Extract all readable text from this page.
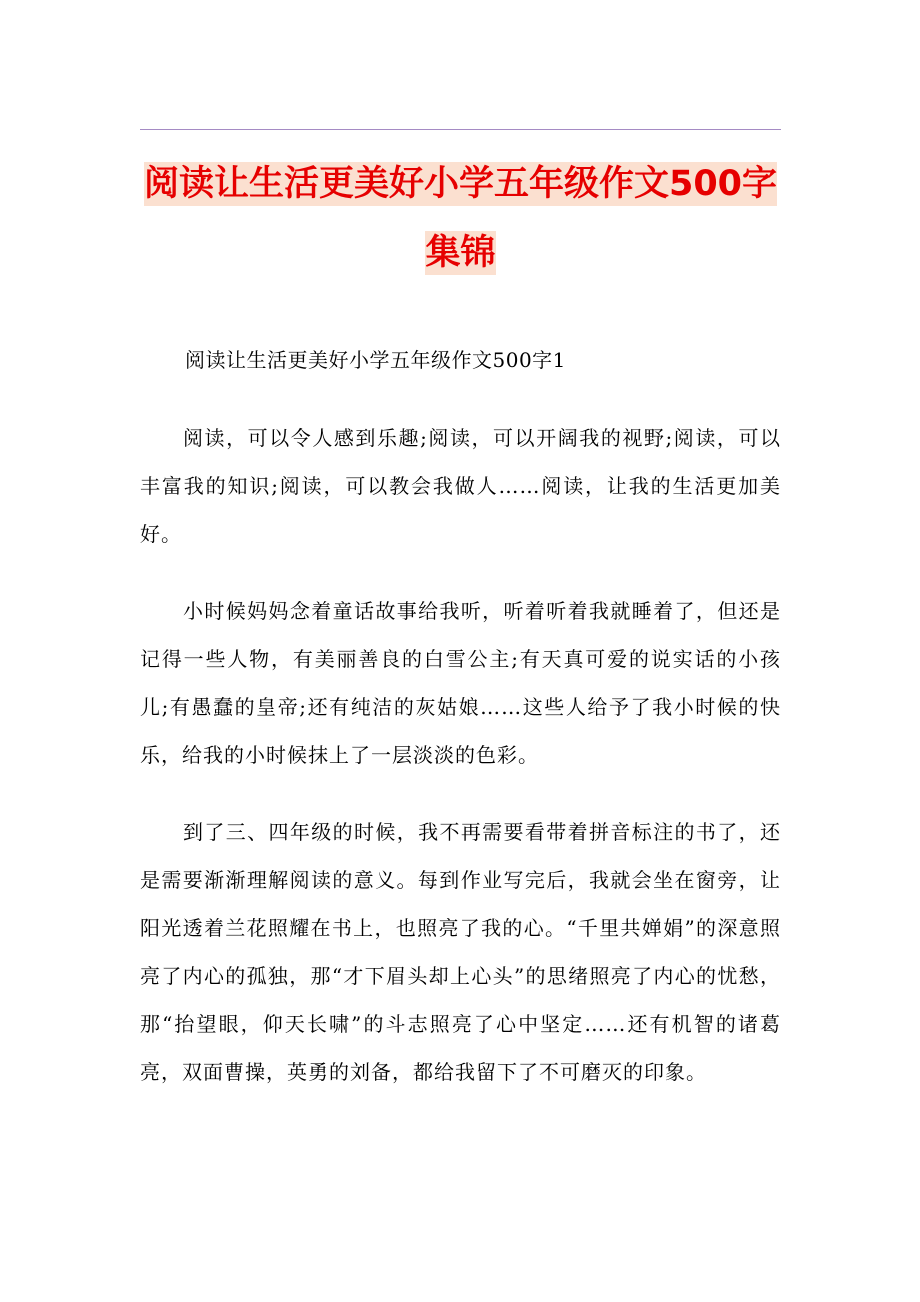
阅读让生活更美好小学五年级作文500字集锦

阅读让生活更美好小学五年级作文500字1

阅读，可以令人感到乐趣;阅读，可以开阔我的视野;阅读，可以丰富我的知识;阅读，可以教会我做人……阅读，让我的生活更加美好。

小时候妈妈念着童话故事给我听，听着听着我就睡着了，但还是记得一些人物，有美丽善良的白雪公主;有天真可爱的说实话的小孩儿;有愚蠢的皇帝;还有纯洁的灰姑娘……这些人给予了我小时候的快乐，给我的小时候抹上了一层淡淡的色彩。

到了三、四年级的时候，我不再需要看带着拼音标注的书了，还是需要渐渐理解阅读的意义。每到作业写完后，我就会坐在窗旁，让阳光透着兰花照耀在书上，也照亮了我的心。“千里共婵娟”的深意照亮了内心的孤独，那“才下眉头却上心头”的思绪照亮了内心的忧愁，那“抬望眼，仰天长啸”的斗志照亮了心中坚定……还有机智的诸葛亮，双面曹操，英勇的刘备，都给我留下了不可磨灭的印象。
